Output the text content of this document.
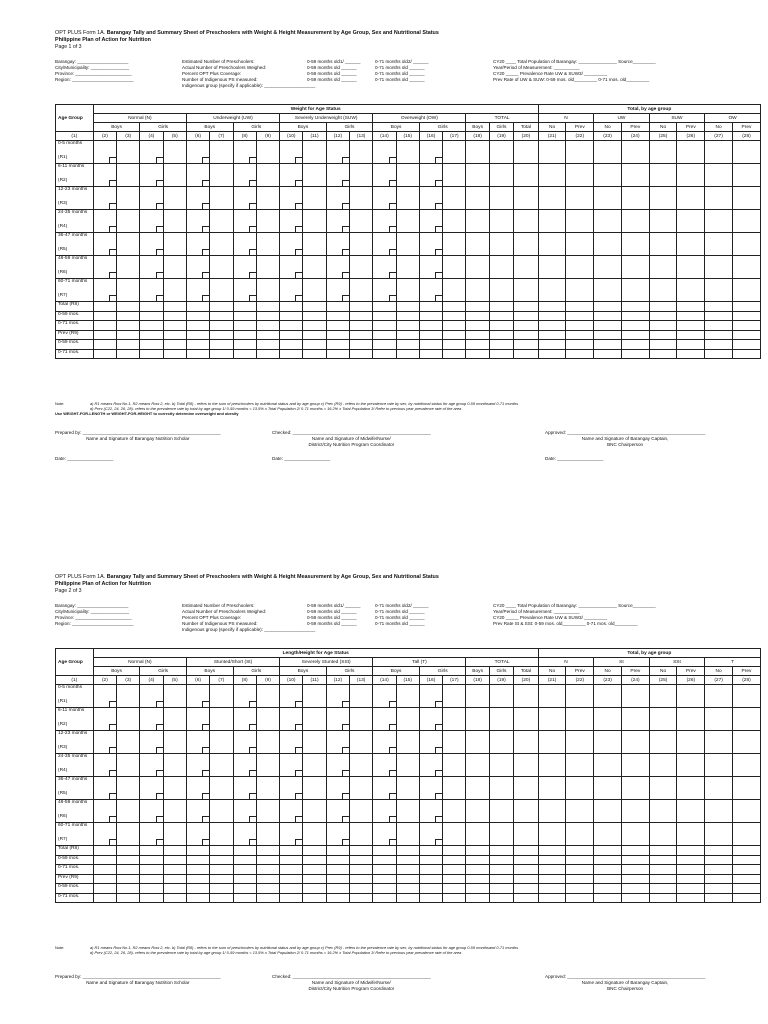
OPT PLUS Form 1A. Barangay Tally and Summary Sheet of Preschoolers with Weight & Height Measurement by Age Group, Sex and Nutritional Status
Philippine Plan of Action for Nutrition
Page 1 of 3
Barangay: ____________________
City/Municipality: _______________
Province: ______________________
Region: ________________________
Estimated Number of Preschoolers:
Actual Number of Preschoolers Weighed:
Percent OPT Plus Coverage:
Number of Indigenous PS measured:
Indigenous group (specify if applicable): ____________________
0-59 months old1/ ______
0-59 months old ______
0-59 months old ______
0-59 months old ______
0-71 months old2/ ______
0-71 months old ______
0-71 months old ______
0-71 months old ______
CY20 ____ Total Population of Barangay: _______________ Source_________
Year/Period of Measurement: __________
CY20 _____ Prevalence Rate UW & SUW3/ _________
Prev Rate of UW & SUW: 0-59 mos. old_________ 0-71 mos. old_________
Age Group	Weight for Age Status																			Total, by age group							
	Normal (N)				Underweight (UW)				Severely Underweight (SUW)				Overweight (OW)				TOTAL			N		UW		SUW		OW	
	Boys		Girls		Boys		Girls		Boys		Girls		Boys		Girls		Boys	Girls	Total	No	Prev	No	Prev	No	Prev	No	Prev
(1)	(2)	(3)	(4)	(5)	(6)	(7)	(8)	(9)	(10)	(11)	(12)	(13)	(14)	(15)	(16)	(17)	(18)	(19)	(20)	(21)	(22)	(23)	(24)	(25)	(26)	(27)	(28)
0-5 months	

(R1)																											
6-11 months	

(R2)																											
12-23 months	

(R3)																											
24-35 months	

(R4)																											
36-47 months	

(R5)																											
48-59 months	

(R6)																											
60-71 months	

(R7)																											
Total (R8)																											
0-59 mos.																											
0-71 mos.																											
Prev (R9)																											
0-59 mos.																											
0-71 mos.																											
Note:	a) R1 means Row No.1, R2 means Row 2, etc. b) Total (R8) - refers to the sum of preschoolers by nutritional status and by age group c) Prev (R9) - refers to the prevalence rate by sex, by nutritional status for age group 0-59 monthsand 0-71 months
d) Prev (C22, 24, 26, 28)- refers to the prevalence rate by total by age group 1/ 0-59 months = 13.5% x Total Population 2/ 0-71 months = 16.2% x Total Population 3/ Refer to previous year prevalence rate of the area
Use WEIGHT-FOR-LENGTH or WEIGHT-FOR-HEIGHT to correctly determine overweight and obesity
Prepared by: ______________________________________________________
Name and Signature of Barangay Nutrition Scholar
Checked: ______________________________________________________
Name and Signature of Midwife/Nurse/
District/City Nutrition Program Coordinator
Approved: ______________________________________________________
Name and Signature of Barangay Captain,
BNC Chairperson
Date: __________________	Date: __________________	Date: __________________
OPT PLUS Form 1A. Barangay Tally and Summary Sheet of Preschoolers with Weight & Height Measurement by Age Group, Sex and Nutritional Status
Philippine Plan of Action for Nutrition
Page 2 of 3
Barangay: ____________________
City/Municipality: _______________
Province: ______________________
Region: ________________________
Estimated Number of Preschoolers:
Actual Number of Preschoolers Weighed:
Percent OPT Plus Coverage:
Number of Indigenous PS measured:
Indigenous group (specify if applicable): ____________________
0-59 months old1/ ______
0-59 months old ______
0-59 months old ______
0-59 months old ______
0-71 months old2/ ______
0-71 months old ______
0-71 months old ______
0-71 months old ______
CY20 ____ Total Population of Barangay: _______________ Source_________
Year/Period of Measurement: __________
CY20 _____ Prevalence Rate UW & SUW3/ _________
Prev Rate St & SSt: 0-59 mos. old_________ 0-71 mos. old_________
Age Group	Length/Height for Age Status																			Total, by age group							
	Normal (N)				Stunted/Short (St)				Severely Stunted (SSt)				Tall (T)				TOTAL			N		St		SSt		T	
	Boys		Girls		Boys		Girls		Boys		Girls		Boys		Girls		Boys	Girls	Total	No	Prev	No	Prev	No	Prev	No	Prev
(1)	(2)	(3)	(4)	(5)	(6)	(7)	(8)	(9)	(10)	(11)	(12)	(13)	(14)	(15)	(16)	(17)	(18)	(19)	(20)	(21)	(22)	(23)	(24)	(25)	(26)	(27)	(28)
0-5 months	

(R1)																											
6-11 months	

(R2)																											
12-23 months	

(R3)																											
24-35 months	

(R4)																											
36-47 months	

(R5)																											
48-59 months	

(R6)																											
60-71 months	

(R7)																											
Total (R8)																											
0-59 mos.																											
0-71 mos.																											
Prev (R9)																											
0-59 mos.																											
0-71 mos.																											
Note:	a) R1 means Row No.1, R2 means Row 2, etc. b) Total (R8) - refers to the sum of preschoolers by nutritional status and by age group c) Prev (R9) - refers to the prevalence rate by sex, by nutritional status for age group 0-59 monthsand 0-71 months
d) Prev (C22, 24, 26, 28)- refers to the prevalence rate by total by age group 1/ 0-59 months = 13.5% x Total Population 2/ 0-71 months = 16.2% x Total Population 3/ Refer to previous year prevalence rate of the area
Prepared by: ______________________________________________________
Name and Signature of Barangay Nutrition Scholar
Checked: ______________________________________________________
Name and Signature of Midwife/Nurse/
District/City Nutrition Program Coordinator
Approved: ______________________________________________________
Name and Signature of Barangay Captain,
BNC Chairperson
